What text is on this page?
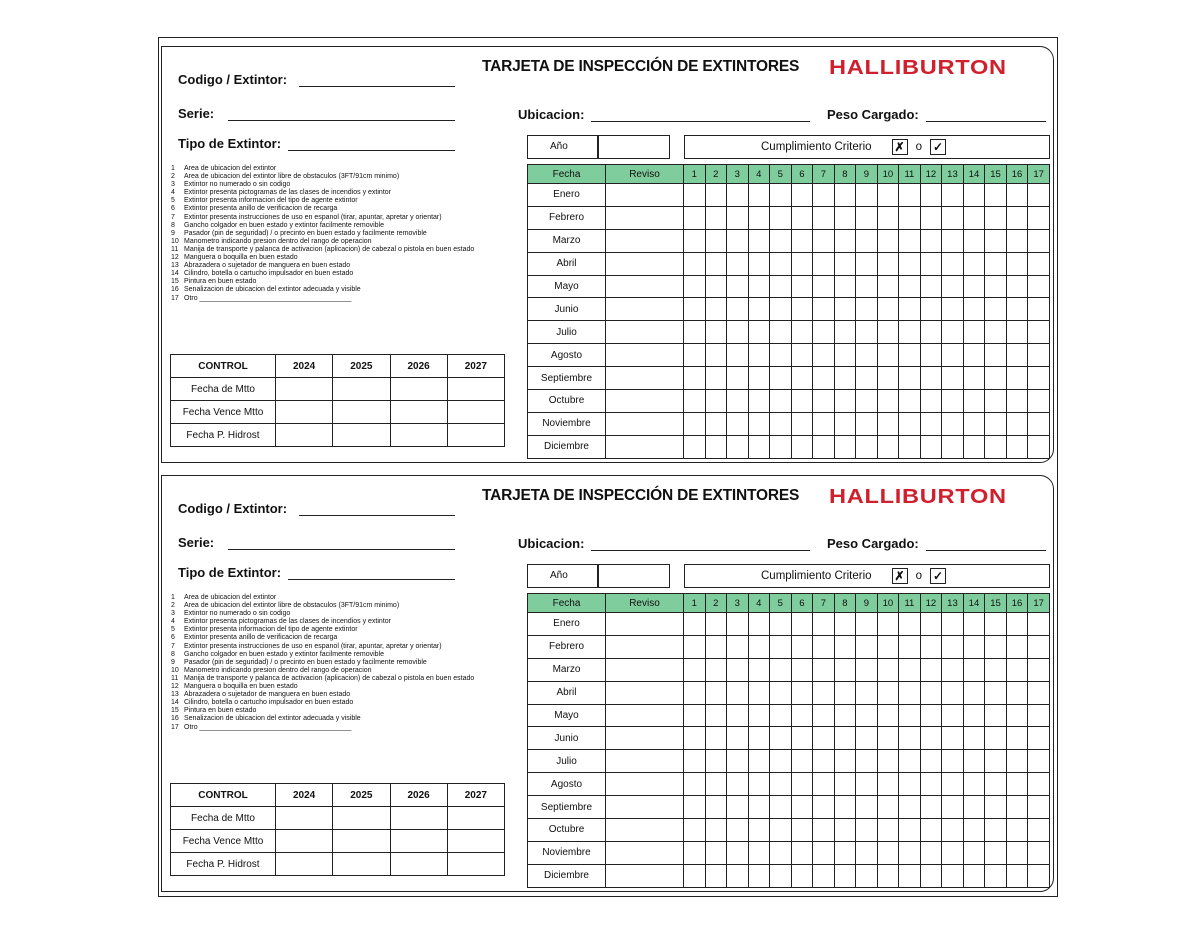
TARJETA DE INSPECCIÓN DE EXTINTORES HALLIBURTON
Codigo / Extintor:
Serie:	Ubicacion:	Peso Cargado:
Tipo de Extintor:
1 Area de ubicacion del extintor
2 Area de ubicacion del extintor libre de obstaculos (3FT/91cm minimo)
3 Extintor no numerado o sin codigo
4 Extintor presenta pictogramas de las clases de incendios y extintor
5 Extintor presenta informacion del tipo de agente extintor
6 Extintor presenta anillo de verificacion de recarga
7 Extintor presenta instrucciones de uso en espanol (tirar, apuntar, apretar y orientar)
8 Gancho colgador en buen estado y extintor facilmente removible
9 Pasador (pin de seguridad) / o precinto en buen estado y facilmente removible
10 Manometro indicando presion dentro del rango de operacion
11 Manija de transporte y palanca de activacion (aplicacion) de cabezal o pistola en buen estado
12 Manguera o boquilla en buen estado
13 Abrazadera o sujetador de manguera en buen estado
14 Cilindro, botella o cartucho impulsador en buen estado
15 Pintura en buen estado
16 Senalizacion de ubicacion del extintor adecuada y visible
17 Otro _______________________________________
CONTROL	2024	2025	2026	2027
Fecha de Mtto				
Fecha Vence Mtto				
Fecha P. Hidrost				
Año	Cumplimiento Criterio ✗ o ✓
Fecha	Reviso	1	2	3	4	5	6	7	8	9	10	11	12	13	14	15	16	17
Enero																		
Febrero																		
Marzo																		
Abril																		
Mayo																		
Junio																		
Julio																		
Agosto																		
Septiembre																		
Octubre																		
Noviembre																		
Diciembre																		
TARJETA DE INSPECCIÓN DE EXTINTORES HALLIBURTON
Codigo / Extintor:
Serie:	Ubicacion:	Peso Cargado:
Tipo de Extintor:
1 Area de ubicacion del extintor
2 Area de ubicacion del extintor libre de obstaculos (3FT/91cm minimo)
3 Extintor no numerado o sin codigo
4 Extintor presenta pictogramas de las clases de incendios y extintor
5 Extintor presenta informacion del tipo de agente extintor
6 Extintor presenta anillo de verificacion de recarga
7 Extintor presenta instrucciones de uso en espanol (tirar, apuntar, apretar y orientar)
8 Gancho colgador en buen estado y extintor facilmente removible
9 Pasador (pin de seguridad) / o precinto en buen estado y facilmente removible
10 Manometro indicando presion dentro del rango de operacion
11 Manija de transporte y palanca de activacion (aplicacion) de cabezal o pistola en buen estado
12 Manguera o boquilla en buen estado
13 Abrazadera o sujetador de manguera en buen estado
14 Cilindro, botella o cartucho impulsador en buen estado
15 Pintura en buen estado
16 Senalizacion de ubicacion del extintor adecuada y visible
17 Otro _______________________________________
CONTROL	2024	2025	2026	2027
Fecha de Mtto				
Fecha Vence Mtto				
Fecha P. Hidrost				
Año	Cumplimiento Criterio ✗ o ✓
Fecha	Reviso	1	2	3	4	5	6	7	8	9	10	11	12	13	14	15	16	17
Enero																		
Febrero																		
Marzo																		
Abril																		
Mayo																		
Junio																		
Julio																		
Agosto																		
Septiembre																		
Octubre																		
Noviembre																		
Diciembre																		
